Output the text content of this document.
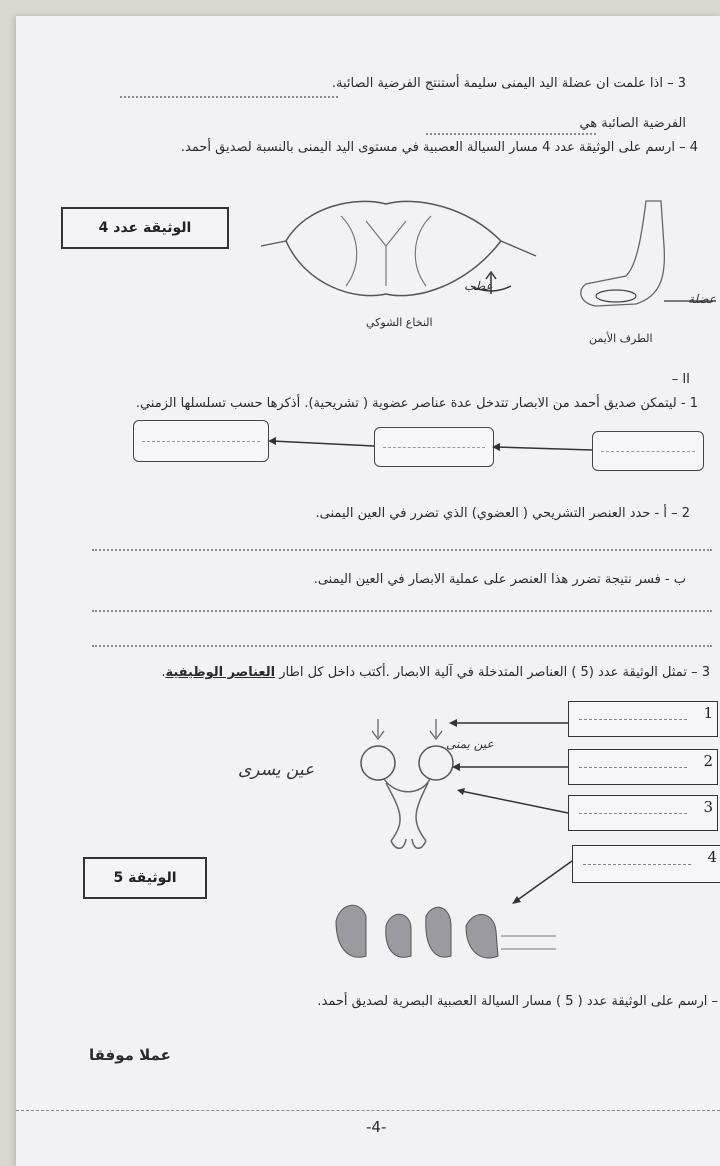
3 – اذا علمت ان عضلة اليد اليمنى سليمة أستنتج الفرضية الصائبة.
الفرضية الصائبة هي
4 – ارسم على الوثيقة عدد 4 مسار السيالة العصبية في مستوى اليد اليمنى بالنسبة لصديق أحمد.
الوثيقة عدد 4
عطب
النخاع الشوكي
عضلة
الطرف الأيمن
II –
1 - ليتمكن صديق أحمد من الابصار تتدخل عدة عناصر عضوية ( تشريحية). أذكرها حسب تسلسلها الزمني.
2 – أ - حدد العنصر التشريحي ( العضوي) الذي تضرر في العين اليمنى.
ب - فسر نتيجة تضرر هذا العنصر على عملية الابصار في العين اليمنى.
3 – تمثل الوثيقة عدد (5 ) العناصر المتدخلة في آلية الابصار .أكتب داخل كل اطار العناصر الوظيفية.
1
2
3
4
عين يمنى
عين يسرى
الوثيقة 5
– ارسم على الوثيقة عدد ( 5 ) مسار السيالة العصبية البصرية لصديق أحمد.
عملا موفقا
-4-
